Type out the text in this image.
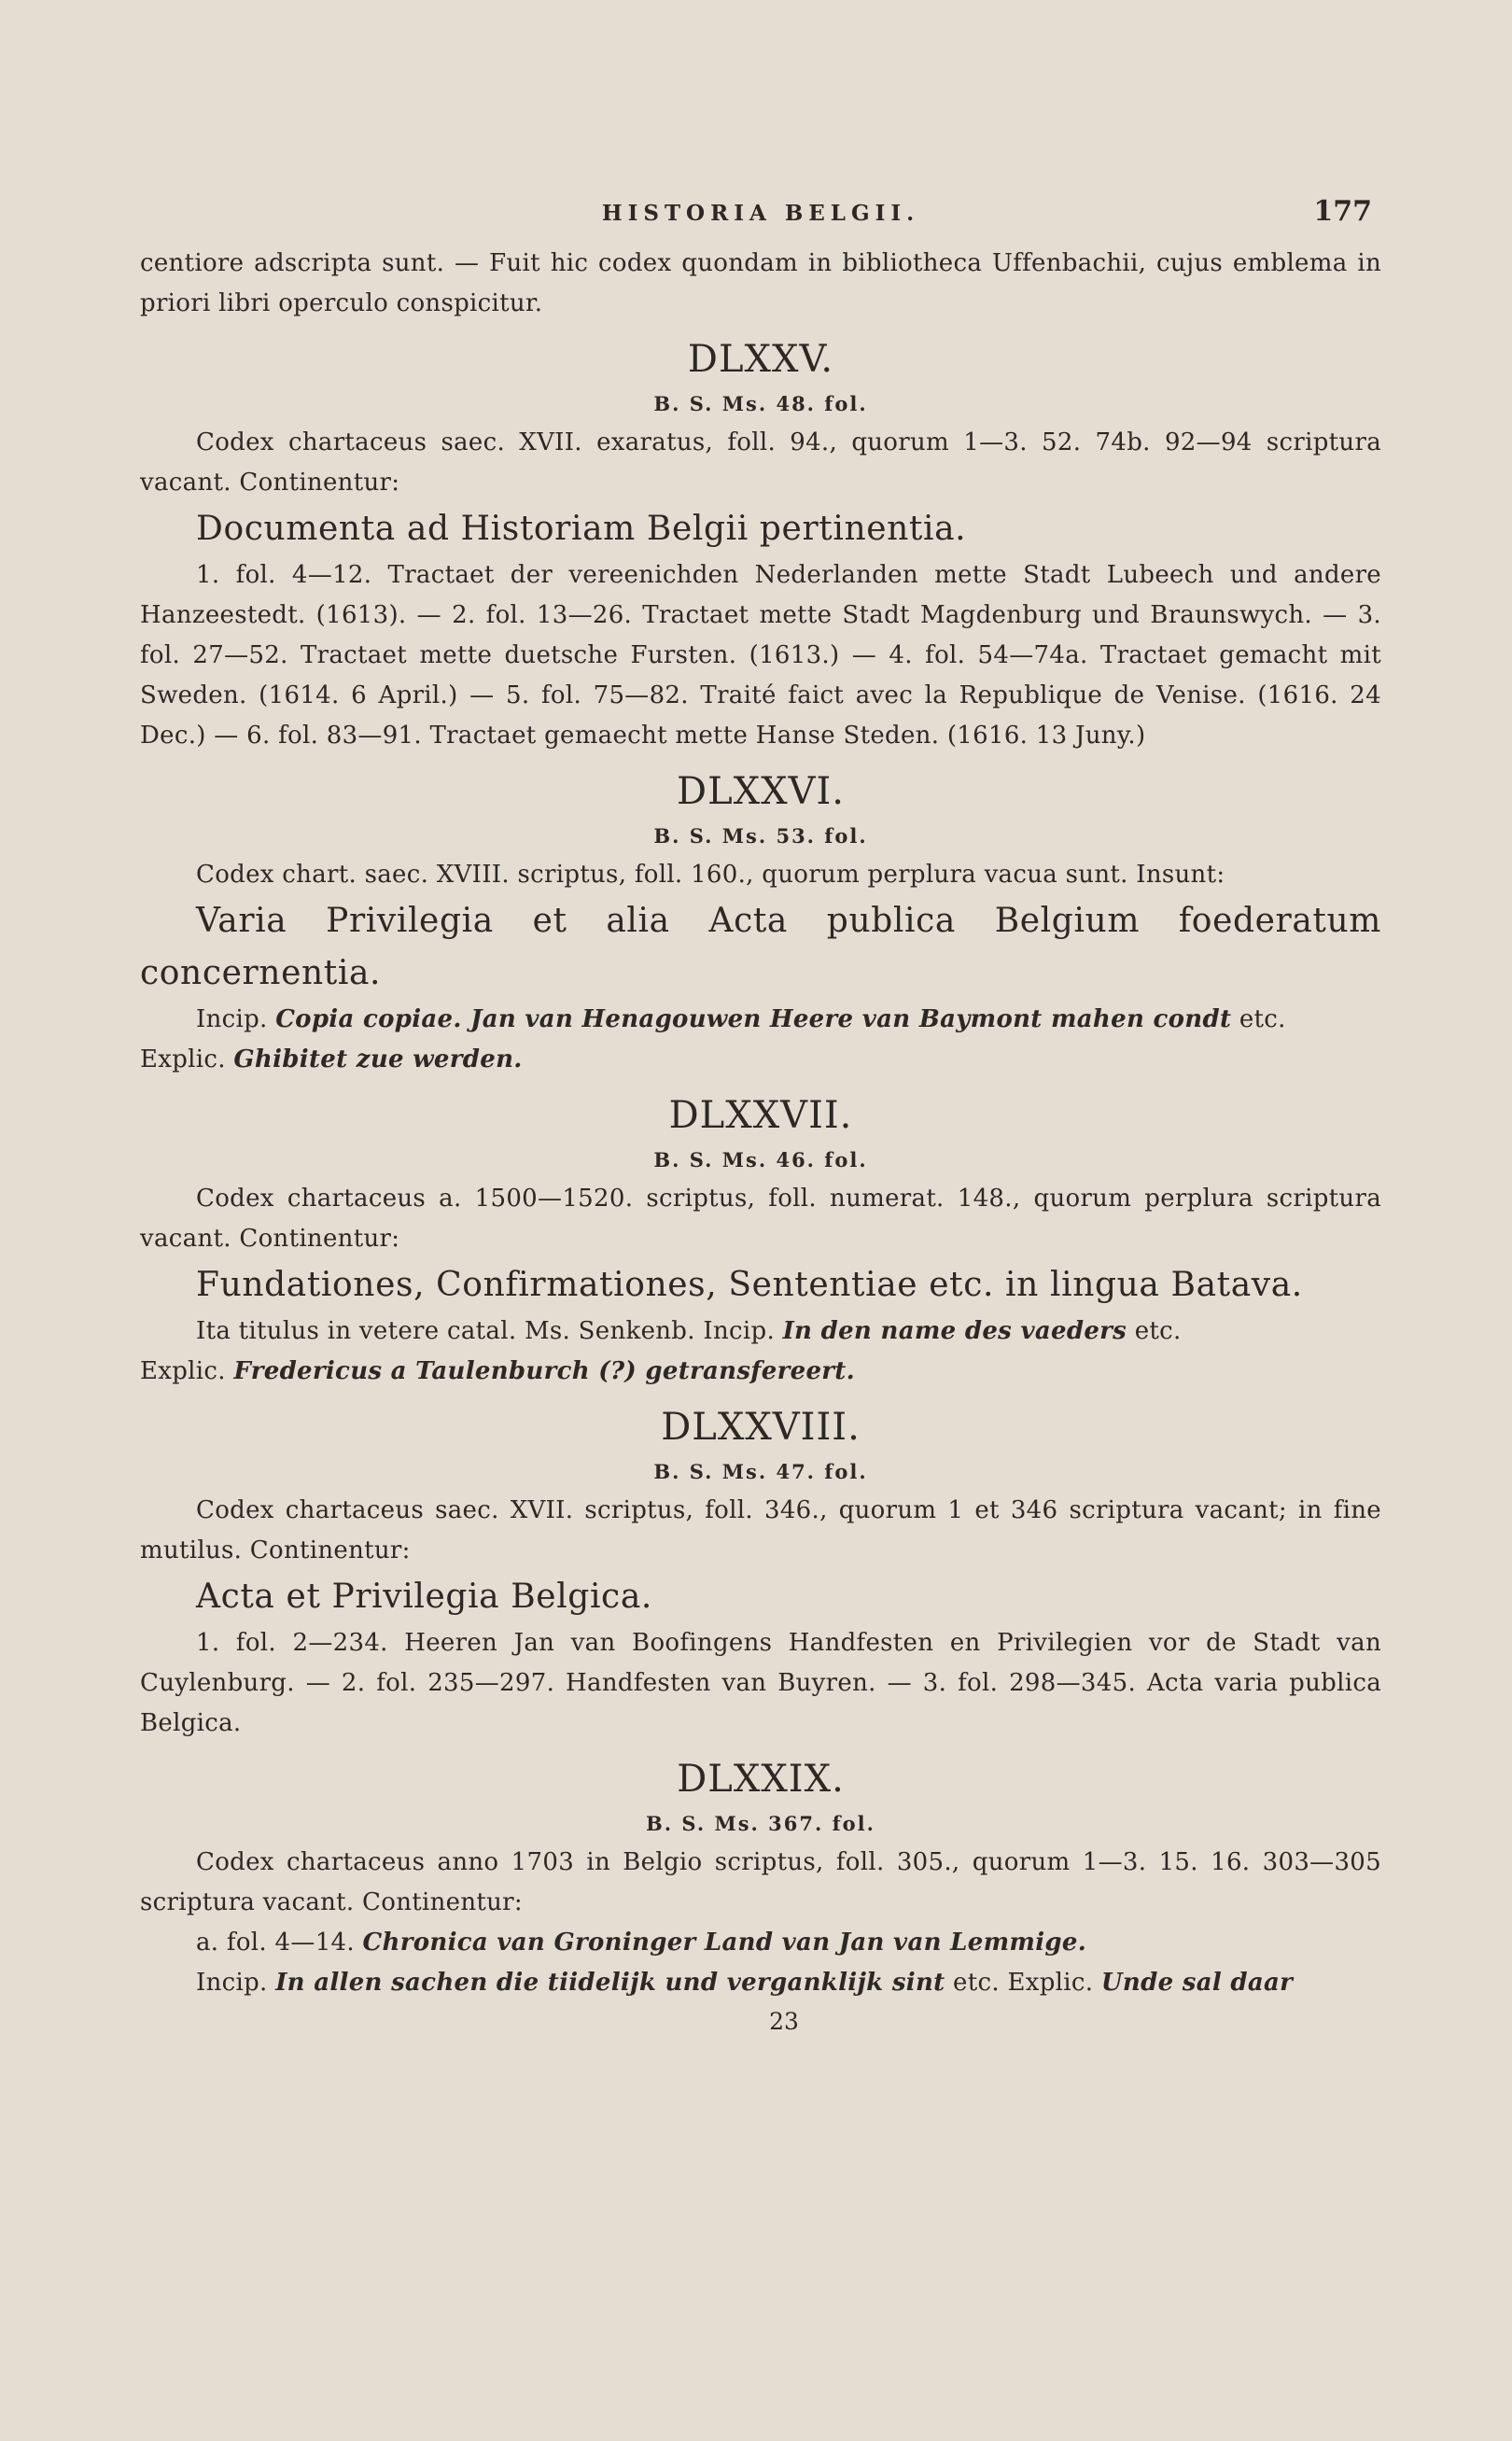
HISTORIA BELGII.	177

centiore adscripta sunt. — Fuit hic codex quondam in bibliotheca Uffenbachii, cujus emblema in priori libri operculo conspicitur.

DLXXV.
B. S. Ms. 48. fol.

Codex chartaceus saec. XVII. exaratus, foll. 94., quorum 1—3. 52. 74b. 92—94 scriptura vacant. Continentur:

Documenta ad Historiam Belgii pertinentia.

1. fol. 4—12. Tractaet der vereenichden Nederlanden mette Stadt Lubeech und andere Hanzeestedt. (1613). — 2. fol. 13—26. Tractaet mette Stadt Magdenburg und Braunswych. — 3. fol. 27—52. Tractaet mette duetsche Fursten. (1613.) — 4. fol. 54—74a. Tractaet gemacht mit Sweden. (1614. 6 April.) — 5. fol. 75—82. Traité faict avec la Republique de Venise. (1616. 24 Dec.) — 6. fol. 83—91. Tractaet gemaecht mette Hanse Steden. (1616. 13 Juny.)

DLXXVI.
B. S. Ms. 53. fol.

Codex chart. saec. XVIII. scriptus, foll. 160., quorum perplura vacua sunt. Insunt:

Varia Privilegia et alia Acta publica Belgium foederatum concernentia.

Incip. Copia copiae. Jan van Henagouwen Heere van Baymont mahen condt etc.

Explic. Ghibitet zue werden.

DLXXVII.
B. S. Ms. 46. fol.

Codex chartaceus a. 1500—1520. scriptus, foll. numerat. 148., quorum perplura scriptura vacant. Continentur:

Fundationes, Confirmationes, Sententiae etc. in lingua Batava.

Ita titulus in vetere catal. Ms. Senkenb. Incip. In den name des vaeders etc.

Explic. Fredericus a Taulenburch (?) getransfereert.

DLXXVIII.
B. S. Ms. 47. fol.

Codex chartaceus saec. XVII. scriptus, foll. 346., quorum 1 et 346 scriptura vacant; in fine mutilus. Continentur:

Acta et Privilegia Belgica.

1. fol. 2—234. Heeren Jan van Boofingens Handfesten en Privilegien vor de Stadt van Cuylenburg. — 2. fol. 235—297. Handfesten van Buyren. — 3. fol. 298—345. Acta varia publica Belgica.

DLXXIX.
B. S. Ms. 367. fol.

Codex chartaceus anno 1703 in Belgio scriptus, foll. 305., quorum 1—3. 15. 16. 303—305 scriptura vacant. Continentur:

a. fol. 4—14. Chronica van Groninger Land van Jan van Lemmige.

Incip. In allen sachen die tiidelijk und verganklijk sint etc. Explic. Unde sal daar

23
